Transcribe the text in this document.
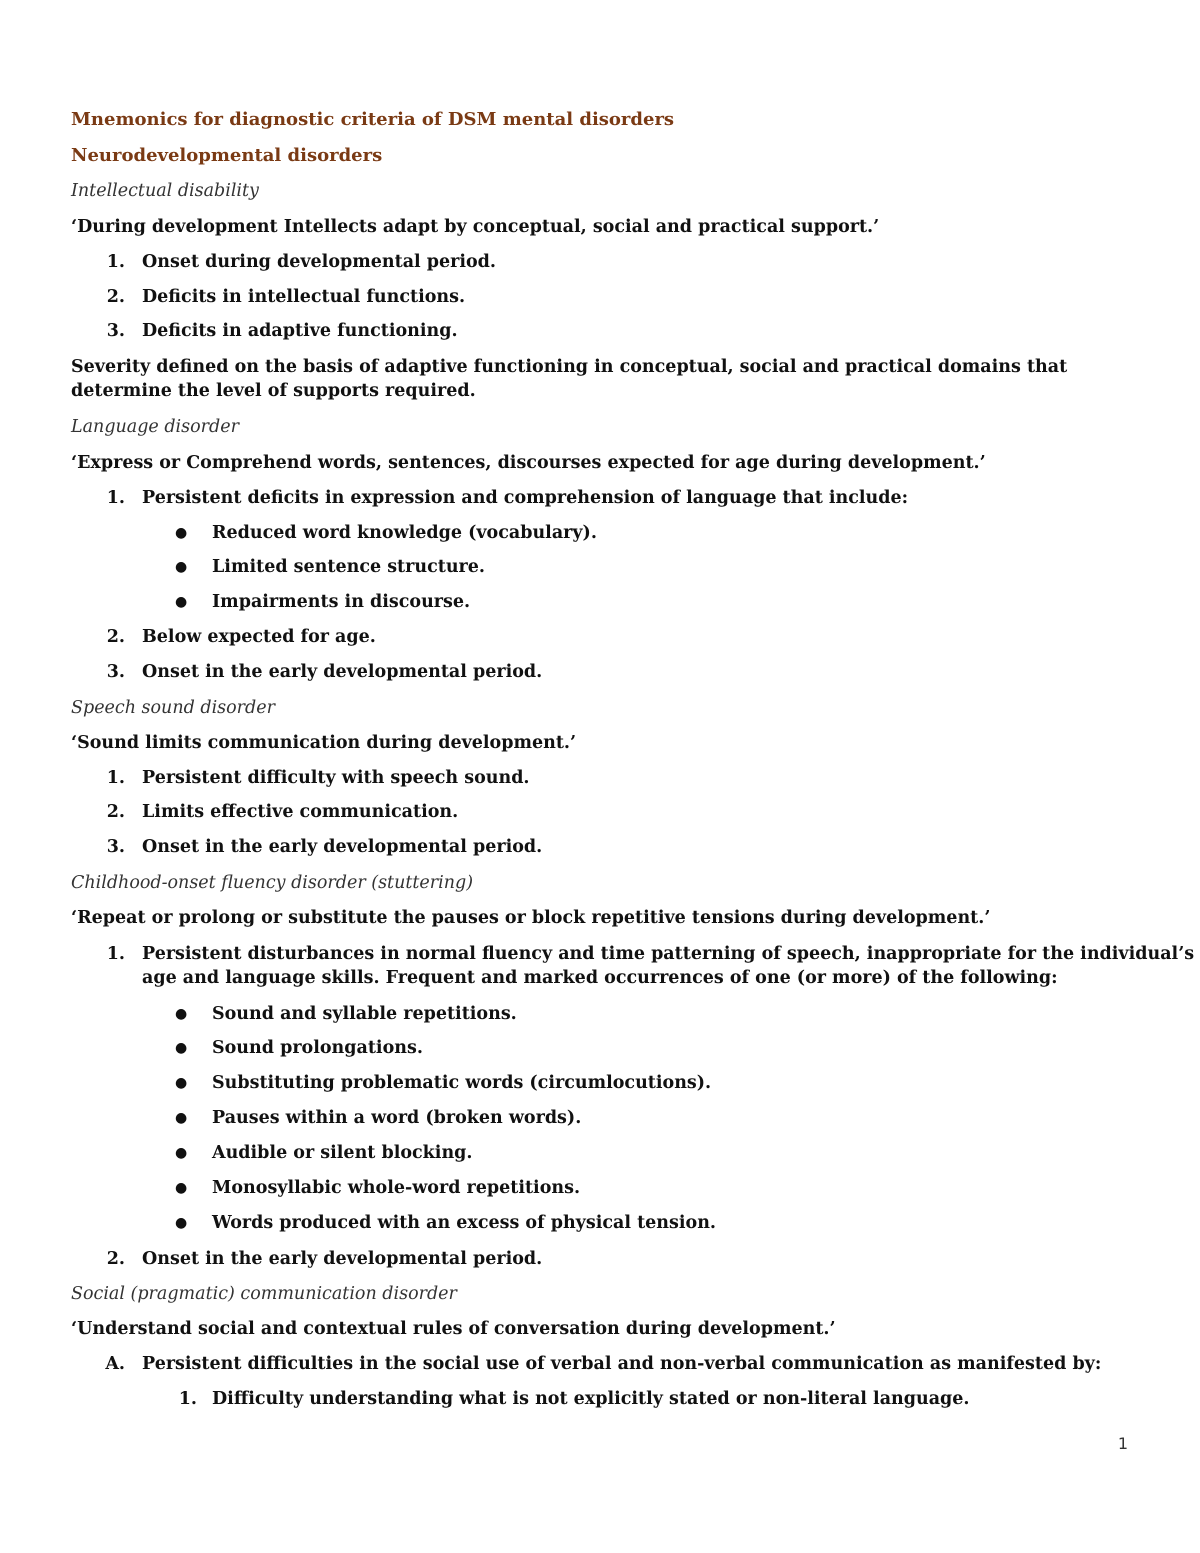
Mnemonics for diagnostic criteria of DSM mental disorders
Neurodevelopmental disorders
Intellectual disability
‘During development Intellects adapt by conceptual, social and practical support.’
1. Onset during developmental period.
2. Deficits in intellectual functions.
3. Deficits in adaptive functioning.
Severity defined on the basis of adaptive functioning in conceptual, social and practical domains that determine the level of supports required.
Language disorder
‘Express or Comprehend words, sentences, discourses expected for age during development.’
1. Persistent deficits in expression and comprehension of language that include:
● Reduced word knowledge (vocabulary).
● Limited sentence structure.
● Impairments in discourse.
2. Below expected for age.
3. Onset in the early developmental period.
Speech sound disorder
‘Sound limits communication during development.’
1. Persistent difficulty with speech sound.
2. Limits effective communication.
3. Onset in the early developmental period.
Childhood-onset fluency disorder (stuttering)
‘Repeat or prolong or substitute the pauses or block repetitive tensions during development.’
1. Persistent disturbances in normal fluency and time patterning of speech, inappropriate for the individual’s
age and language skills. Frequent and marked occurrences of one (or more) of the following:
● Sound and syllable repetitions.
● Sound prolongations.
● Substituting problematic words (circumlocutions).
● Pauses within a word (broken words).
● Audible or silent blocking.
● Monosyllabic whole-word repetitions.
● Words produced with an excess of physical tension.
2. Onset in the early developmental period.
Social (pragmatic) communication disorder
‘Understand social and contextual rules of conversation during development.’
A. Persistent difficulties in the social use of verbal and non-verbal communication as manifested by:
1. Difficulty understanding what is not explicitly stated or non-literal language.
1
